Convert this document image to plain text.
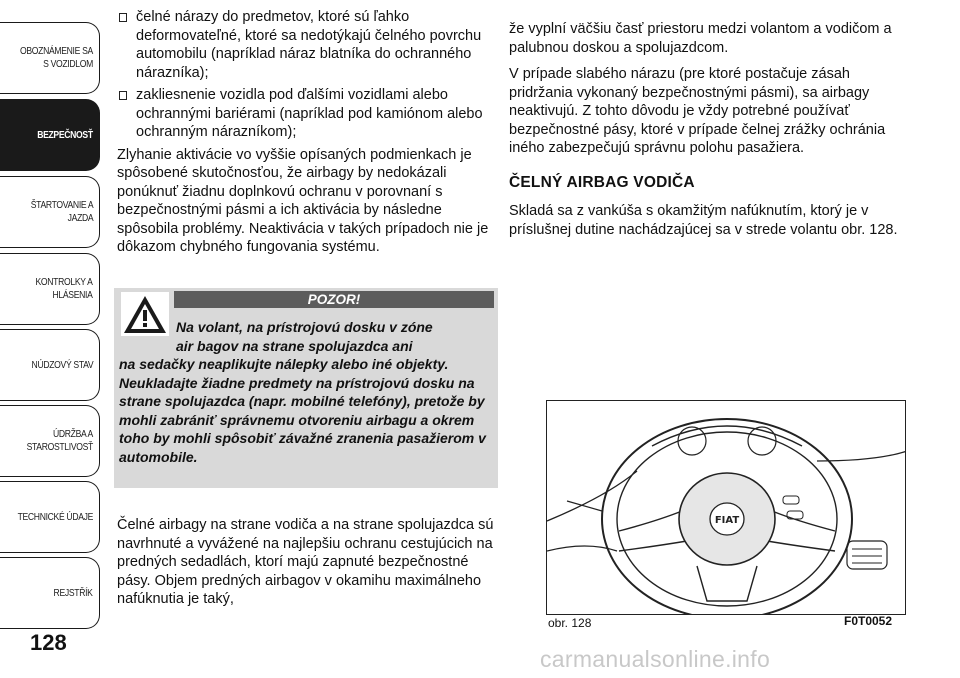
OBOZNÁMENIE SA
S VOZIDLOM
BEZPEČNOSŤ
ŠTARTOVANIE A
JAZDA
KONTROLKY A
HLÁSENIA
NÚDZOVÝ STAV
ÚDRŽBA A
STAROSTLIVOSŤ
TECHNICKÉ ÚDAJE
REJSTŘÍK
128
čelné nárazy do predmetov, ktoré sú ľahko deformovateľné, ktoré sa nedotýkajú čelného povrchu automobilu (napríklad náraz blatníka do ochranného nárazníka);
zakliesnenie vozidla pod ďalšími vozidlami alebo ochrannými bariérami (napríklad pod kamiónom alebo ochranným nárazníkom);
Zlyhanie aktivácie vo vyššie opísaných podmienkach je spôsobené skutočnosťou, že airbagy by nedokázali ponúknuť žiadnu doplnkovú ochranu v porovnaní s bezpečnostnými pásmi a ich aktivácia by následne spôsobila problémy. Neaktivácia v takých prípadoch nie je dôkazom chybného fungovania systému.
POZOR!
Na volant, na prístrojovú dosku v zóne
air bagov na strane spolujazdca ani
na sedačky neaplikujte nálepky alebo iné objekty. Neukladajte žiadne predmety na prístrojovú dosku na strane spolujazdca (napr. mobilné telefóny), pretože by mohli zabrániť správnemu otvoreniu airbagu a okrem toho by mohli spôsobiť závažné zranenia pasažierom v automobile.
Čelné airbagy na strane vodiča a na strane spolujazdca sú navrhnuté a vyvážené na najlepšiu ochranu cestujúcich na predných sedadlách, ktorí majú zapnuté bezpečnostné pásy. Objem predných airbagov v okamihu maximálneho nafúknutia je taký,

že vyplní väčšiu časť priestoru medzi volantom a vodičom a palubnou doskou a spolujazdcom.

V prípade slabého nárazu (pre ktoré postačuje zásah pridržania vykonaný bezpečnostnými pásmi), sa airbagy neaktivujú. Z tohto dôvodu je vždy potrebné používať bezpečnostné pásy, ktoré v prípade čelnej zrážky ochránia iného zabezpečujú správnu polohu pasažiera.

ČELNÝ AIRBAG VODIČA

Skladá sa z vankúša s okamžitým nafúknutím, ktorý je v príslušnej dutine nachádzajúcej sa v strede volantu obr. 128.

FIAT
obr. 128	F0T0052
carmanualsonline.info
